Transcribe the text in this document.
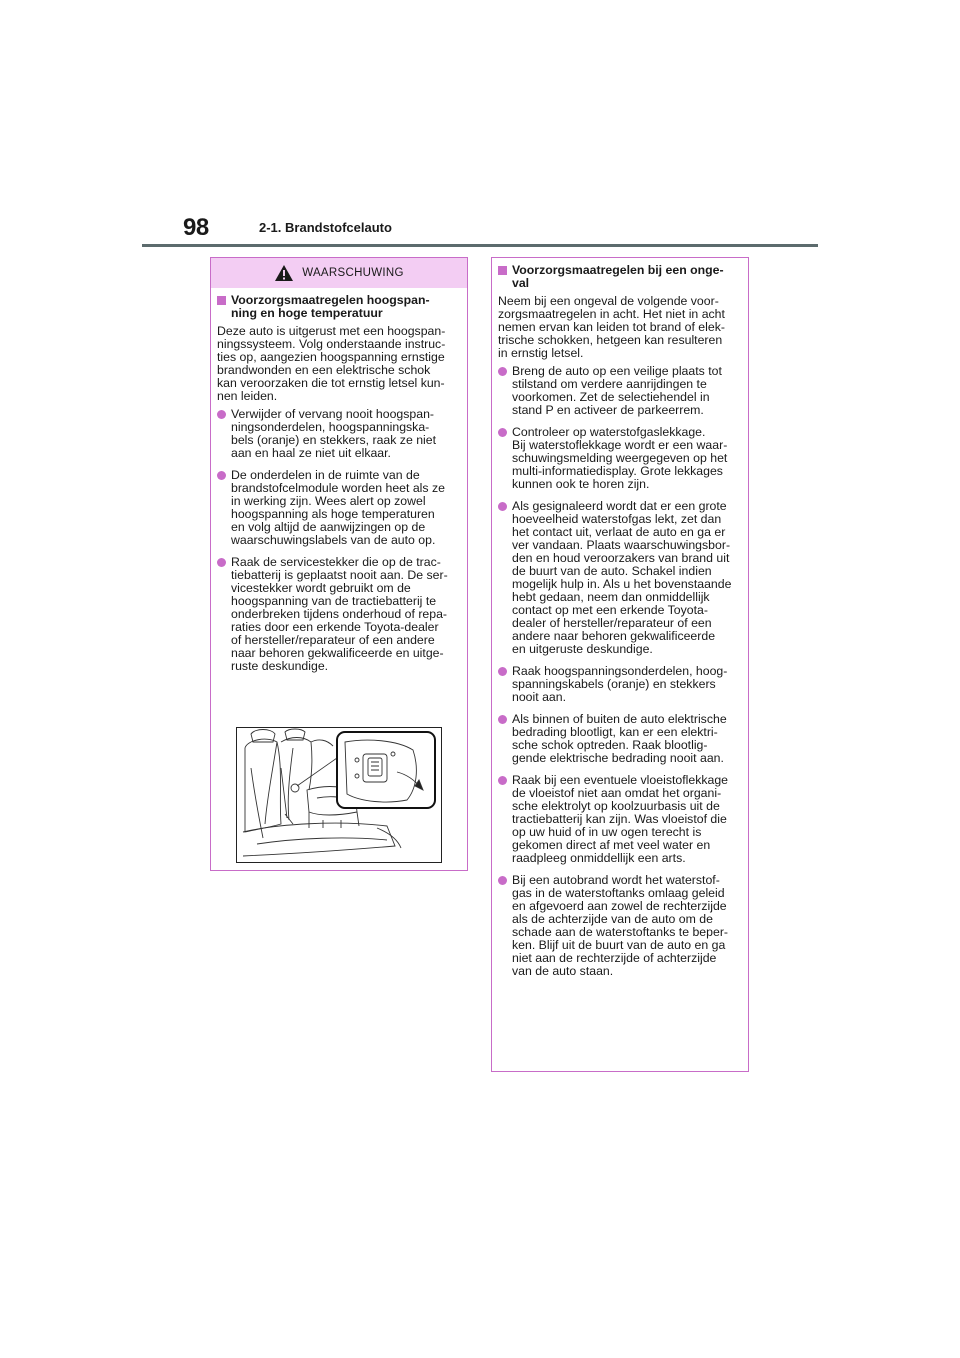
98	2-1. Brandstofcelauto
WAARSCHUWING
Voorzorgsmaatregelen hoogspan-
ning en hoge temperatuur

Deze auto is uitgerust met een hoogspan-
ningssysteem. Volg onderstaande instruc-
ties op, aangezien hoogspanning ernstige
brandwonden en een elektrische schok
kan veroorzaken die tot ernstig letsel kun-
nen leiden.

Verwijder of vervang nooit hoogspan-
ningsonderdelen, hoogspanningska-
bels (oranje) en stekkers, raak ze niet
aan en haal ze niet uit elkaar.
De onderdelen in de ruimte van de
brandstofcelmodule worden heet als ze
in werking zijn. Wees alert op zowel
hoogspanning als hoge temperaturen
en volg altijd de aanwijzingen op de
waarschuwingslabels van de auto op.
Raak de servicestekker die op de trac-
tiebatterij is geplaatst nooit aan. De ser-
vicestekker wordt gebruikt om de
hoogspanning van de tractiebatterij te
onderbreken tijdens onderhoud of repa-
raties door een erkende Toyota-dealer
of hersteller/reparateur of een andere
naar behoren gekwalificeerde en uitge-
ruste deskundige.
Voorzorgsmaatregelen bij een onge-
val

Neem bij een ongeval de volgende voor-
zorgsmaatregelen in acht. Het niet in acht
nemen ervan kan leiden tot brand of elek-
trische schokken, hetgeen kan resulteren
in ernstig letsel.

Breng de auto op een veilige plaats tot
stilstand om verdere aanrijdingen te
voorkomen. Zet de selectiehendel in
stand P en activeer de parkeerrem.
Controleer op waterstofgaslekkage.
Bij waterstoflekkage wordt er een waar-
schuwingsmelding weergegeven op het
multi-informatiedisplay. Grote lekkages
kunnen ook te horen zijn.
Als gesignaleerd wordt dat er een grote
hoeveelheid waterstofgas lekt, zet dan
het contact uit, verlaat de auto en ga er
ver vandaan. Plaats waarschuwingsbor-
den en houd veroorzakers van brand uit
de buurt van de auto. Schakel indien
mogelijk hulp in. Als u het bovenstaande
hebt gedaan, neem dan onmiddellijk
contact op met een erkende Toyota-
dealer of hersteller/reparateur of een
andere naar behoren gekwalificeerde
en uitgeruste deskundige.
Raak hoogspanningsonderdelen, hoog-
spanningskabels (oranje) en stekkers
nooit aan.
Als binnen of buiten de auto elektrische
bedrading blootligt, kan er een elektri-
sche schok optreden. Raak blootlig-
gende elektrische bedrading nooit aan.
Raak bij een eventuele vloeistoflekkage
de vloeistof niet aan omdat het organi-
sche elektrolyt op koolzuurbasis uit de
tractiebatterij kan zijn. Was vloeistof die
op uw huid of in uw ogen terecht is
gekomen direct af met veel water en
raadpleeg onmiddellijk een arts.
Bij een autobrand wordt het waterstof-
gas in de waterstoftanks omlaag geleid
en afgevoerd aan zowel de rechterzijde
als de achterzijde van de auto om de
schade aan de waterstoftanks te beper-
ken. Blijf uit de buurt van de auto en ga
niet aan de rechterzijde of achterzijde
van de auto staan.
